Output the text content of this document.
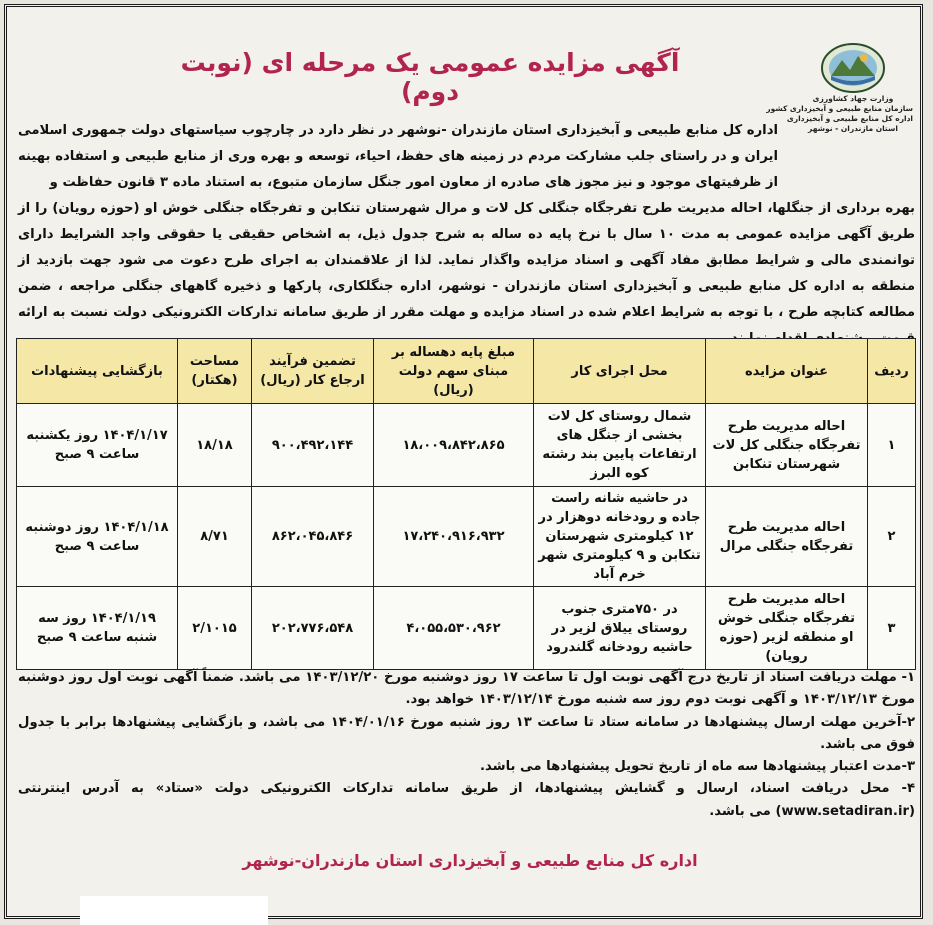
وزارت جهاد کشاورزی
سازمان منابع طبیعی و آبخیزداری کشور
اداره کل منابع طبیعی و آبخیزداری
استان مازندران - نوشهر
آگهی مزایده عمومی یک مرحله ای (نوبت دوم)
اداره کل منابع طبیعی و آبخیزداری استان مازندران -نوشهر در نظر دارد در چارچوب سیاستهای دولت جمهوری اسلامی ایران و در راستای جلب مشارکت مردم در زمینه های حفظ، احیاء، توسعه و بهره وری از منابع طبیعی و استفاده بهینه از ظرفیتهای موجود و نیز مجوز های صادره از معاون امور جنگل سازمان متبوع، به استناد ماده ۳ قانون حفاظت و
بهره برداری از جنگلها، احاله مدیریت طرح تفرجگاه جنگلی کل لات و مرال شهرستان تنکابن و تفرجگاه جنگلی خوش او (حوزه رویان) را از طریق آگهی مزایده عمومی به مدت ۱۰ سال با نرخ پایه ده ساله به شرح جدول ذیل، به اشخاص حقیقی یا حقوقی واجد الشرایط دارای توانمندی مالی و شرایط مطابق مفاد آگهی و اسناد مزایده واگذار نماید. لذا از علاقمندان به اجرای طرح دعوت می شود جهت بازدید از منطقه به اداره کل منابع طبیعی و آبخیزداری استان مازندران - نوشهر، اداره جنگلکاری، پارکها و ذخیره گاههای جنگلی مراجعه ، ضمن مطالعه کتابچه طرح ، با توجه به شرایط اعلام شده در اسناد مزایده و مهلت مقرر از طریق سامانه تدارکات الکترونیکی دولت نسبت به ارائه
ردیف	عنوان مزایده	محل اجرای کار	مبلغ پایه دهساله بر مبنای سهم دولت (ریال)	تضمین فرآیند ارجاع کار (ریال)	مساحت (هکتار)	بازگشایی پیشنهادات
۱	احاله مدیریت طرح تفرجگاه جنگلی کل لات شهرستان تنکابن	شمال روستای کل لات بخشی از جنگل های ارتفاعات پایین بند رشته کوه البرز	۱۸،۰۰۹،۸۴۲،۸۶۵	۹۰۰،۴۹۲،۱۴۴	۱۸/۱۸	۱۴۰۴/۱/۱۷ روز یکشنبه ساعت ۹ صبح
۲	احاله مدیریت طرح تفرجگاه جنگلی مرال	در حاشیه شانه راست جاده و رودخانه دوهزار در ۱۲ کیلومتری شهرستان تنکابن و ۹ کیلومتری شهر خرم آباد	۱۷،۲۴۰،۹۱۶،۹۳۲	۸۶۲،۰۴۵،۸۴۶	۸/۷۱	۱۴۰۴/۱/۱۸ روز دوشنبه ساعت ۹ صبح
۳	احاله مدیریت طرح تفرجگاه جنگلی خوش او منطقه لزیر (حوزه رویان)	در ۷۵۰متری جنوب روستای ییلاق لزیر در حاشیه رودخانه گلندرود	۴،۰۵۵،۵۳۰،۹۶۲	۲۰۲،۷۷۶،۵۴۸	۲/۱۰۱۵	۱۴۰۴/۱/۱۹ روز سه شنبه ساعت ۹ صبح

۱- مهلت دریافت اسناد از تاریخ درج آگهی نوبت اول تا ساعت ۱۷ روز دوشنبه مورخ ۱۴۰۳/۱۲/۲۰ می باشد. ضمناً آگهی نوبت اول روز دوشنبه مورخ ۱۴۰۳/۱۲/۱۳ و آگهی نوبت دوم روز سه شنبه مورخ ۱۴۰۳/۱۲/۱۴ خواهد بود.

۲-آخرین مهلت ارسال پیشنهادها در سامانه ستاد تا ساعت ۱۳ روز شنبه مورخ ۱۴۰۴/۰۱/۱۶ می باشد، و بازگشایی پیشنهادها برابر با جدول فوق می باشد.

۳-مدت اعتبار پیشنهادها سه ماه از تاریخ تحویل پیشنهادها می باشد.

۴- محل دریافت اسناد، ارسال و گشایش پیشنهادها، از طریق سامانه تدارکات الکترونیکی دولت «ستاد» به آدرس اینترنتی (www.setadiran.ir) می باشد.

اداره کل منابع طبیعی و آبخیزداری استان مازندران-نوشهر
